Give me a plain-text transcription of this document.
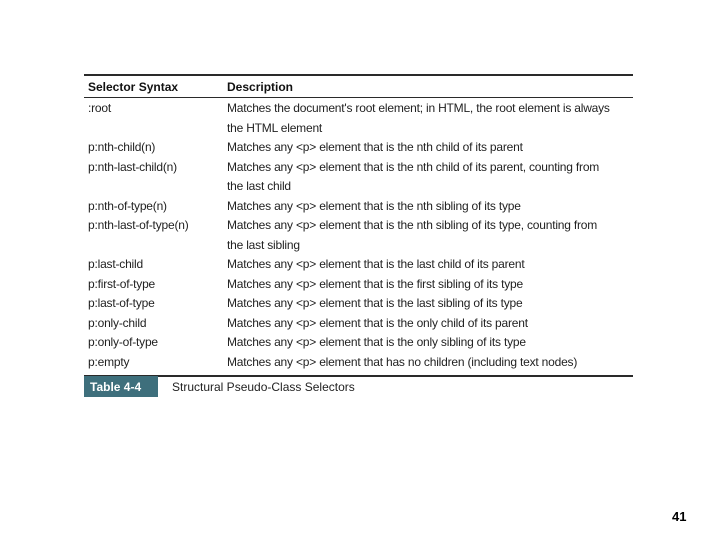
Selector Syntax	Description
:root	Matches the document's root element; in HTML, the root element is always
the HTML element
p:nth-child(n)	Matches any <p> element that is the nth child of its parent
p:nth-last-child(n)	Matches any <p> element that is the nth child of its parent, counting from
the last child
p:nth-of-type(n)	Matches any <p> element that is the nth sibling of its type
p:nth-last-of-type(n)	Matches any <p> element that is the nth sibling of its type, counting from
the last sibling
p:last-child	Matches any <p> element that is the last child of its parent
p:first-of-type	Matches any <p> element that is the first sibling of its type
p:last-of-type	Matches any <p> element that is the last sibling of its type
p:only-child	Matches any <p> element that is the only child of its parent
p:only-of-type	Matches any <p> element that is the only sibling of its type
p:empty	Matches any <p> element that has no children (including text nodes)
Table 4-4	Structural Pseudo-Class Selectors
41
